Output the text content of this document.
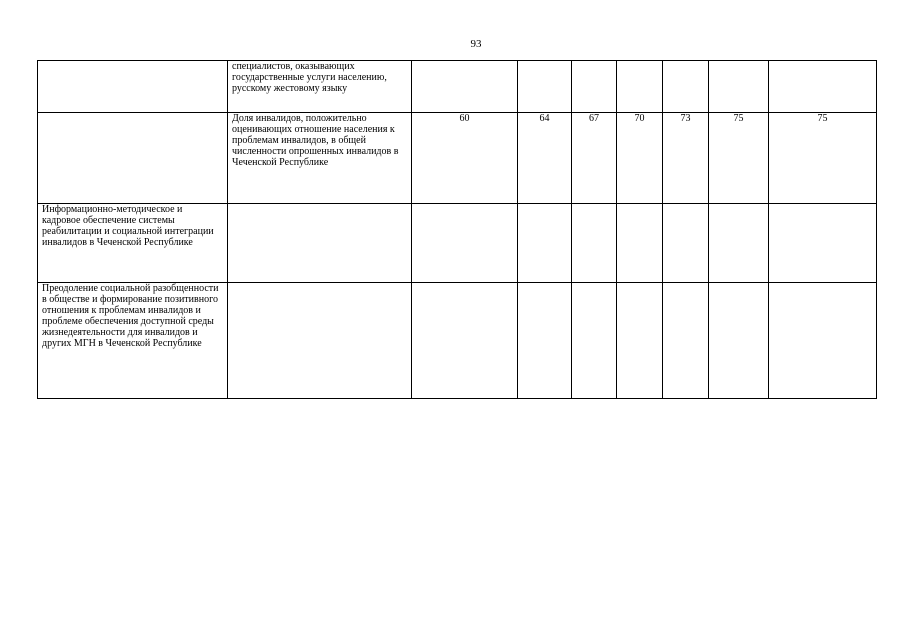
93
	специалистов, оказывающих государственные услуги населению, русскому жестовому языку							
	Доля инвалидов, положительно оценивающих отношение населения к проблемам инвалидов, в общей численности опрошенных инвалидов в Чеченской Республике	60	64	67	70	73	75	75
Информационно-методическое и кадровое обеспечение системы реабилитации и социальной интеграции инвалидов в Чеченской Республике								
Преодоление социальной разобщенности в обществе и формирование позитивного отношения к проблемам инвалидов и проблеме обеспечения доступной среды жизнедеятельности для инвалидов и других МГН в Чеченской Республике								
